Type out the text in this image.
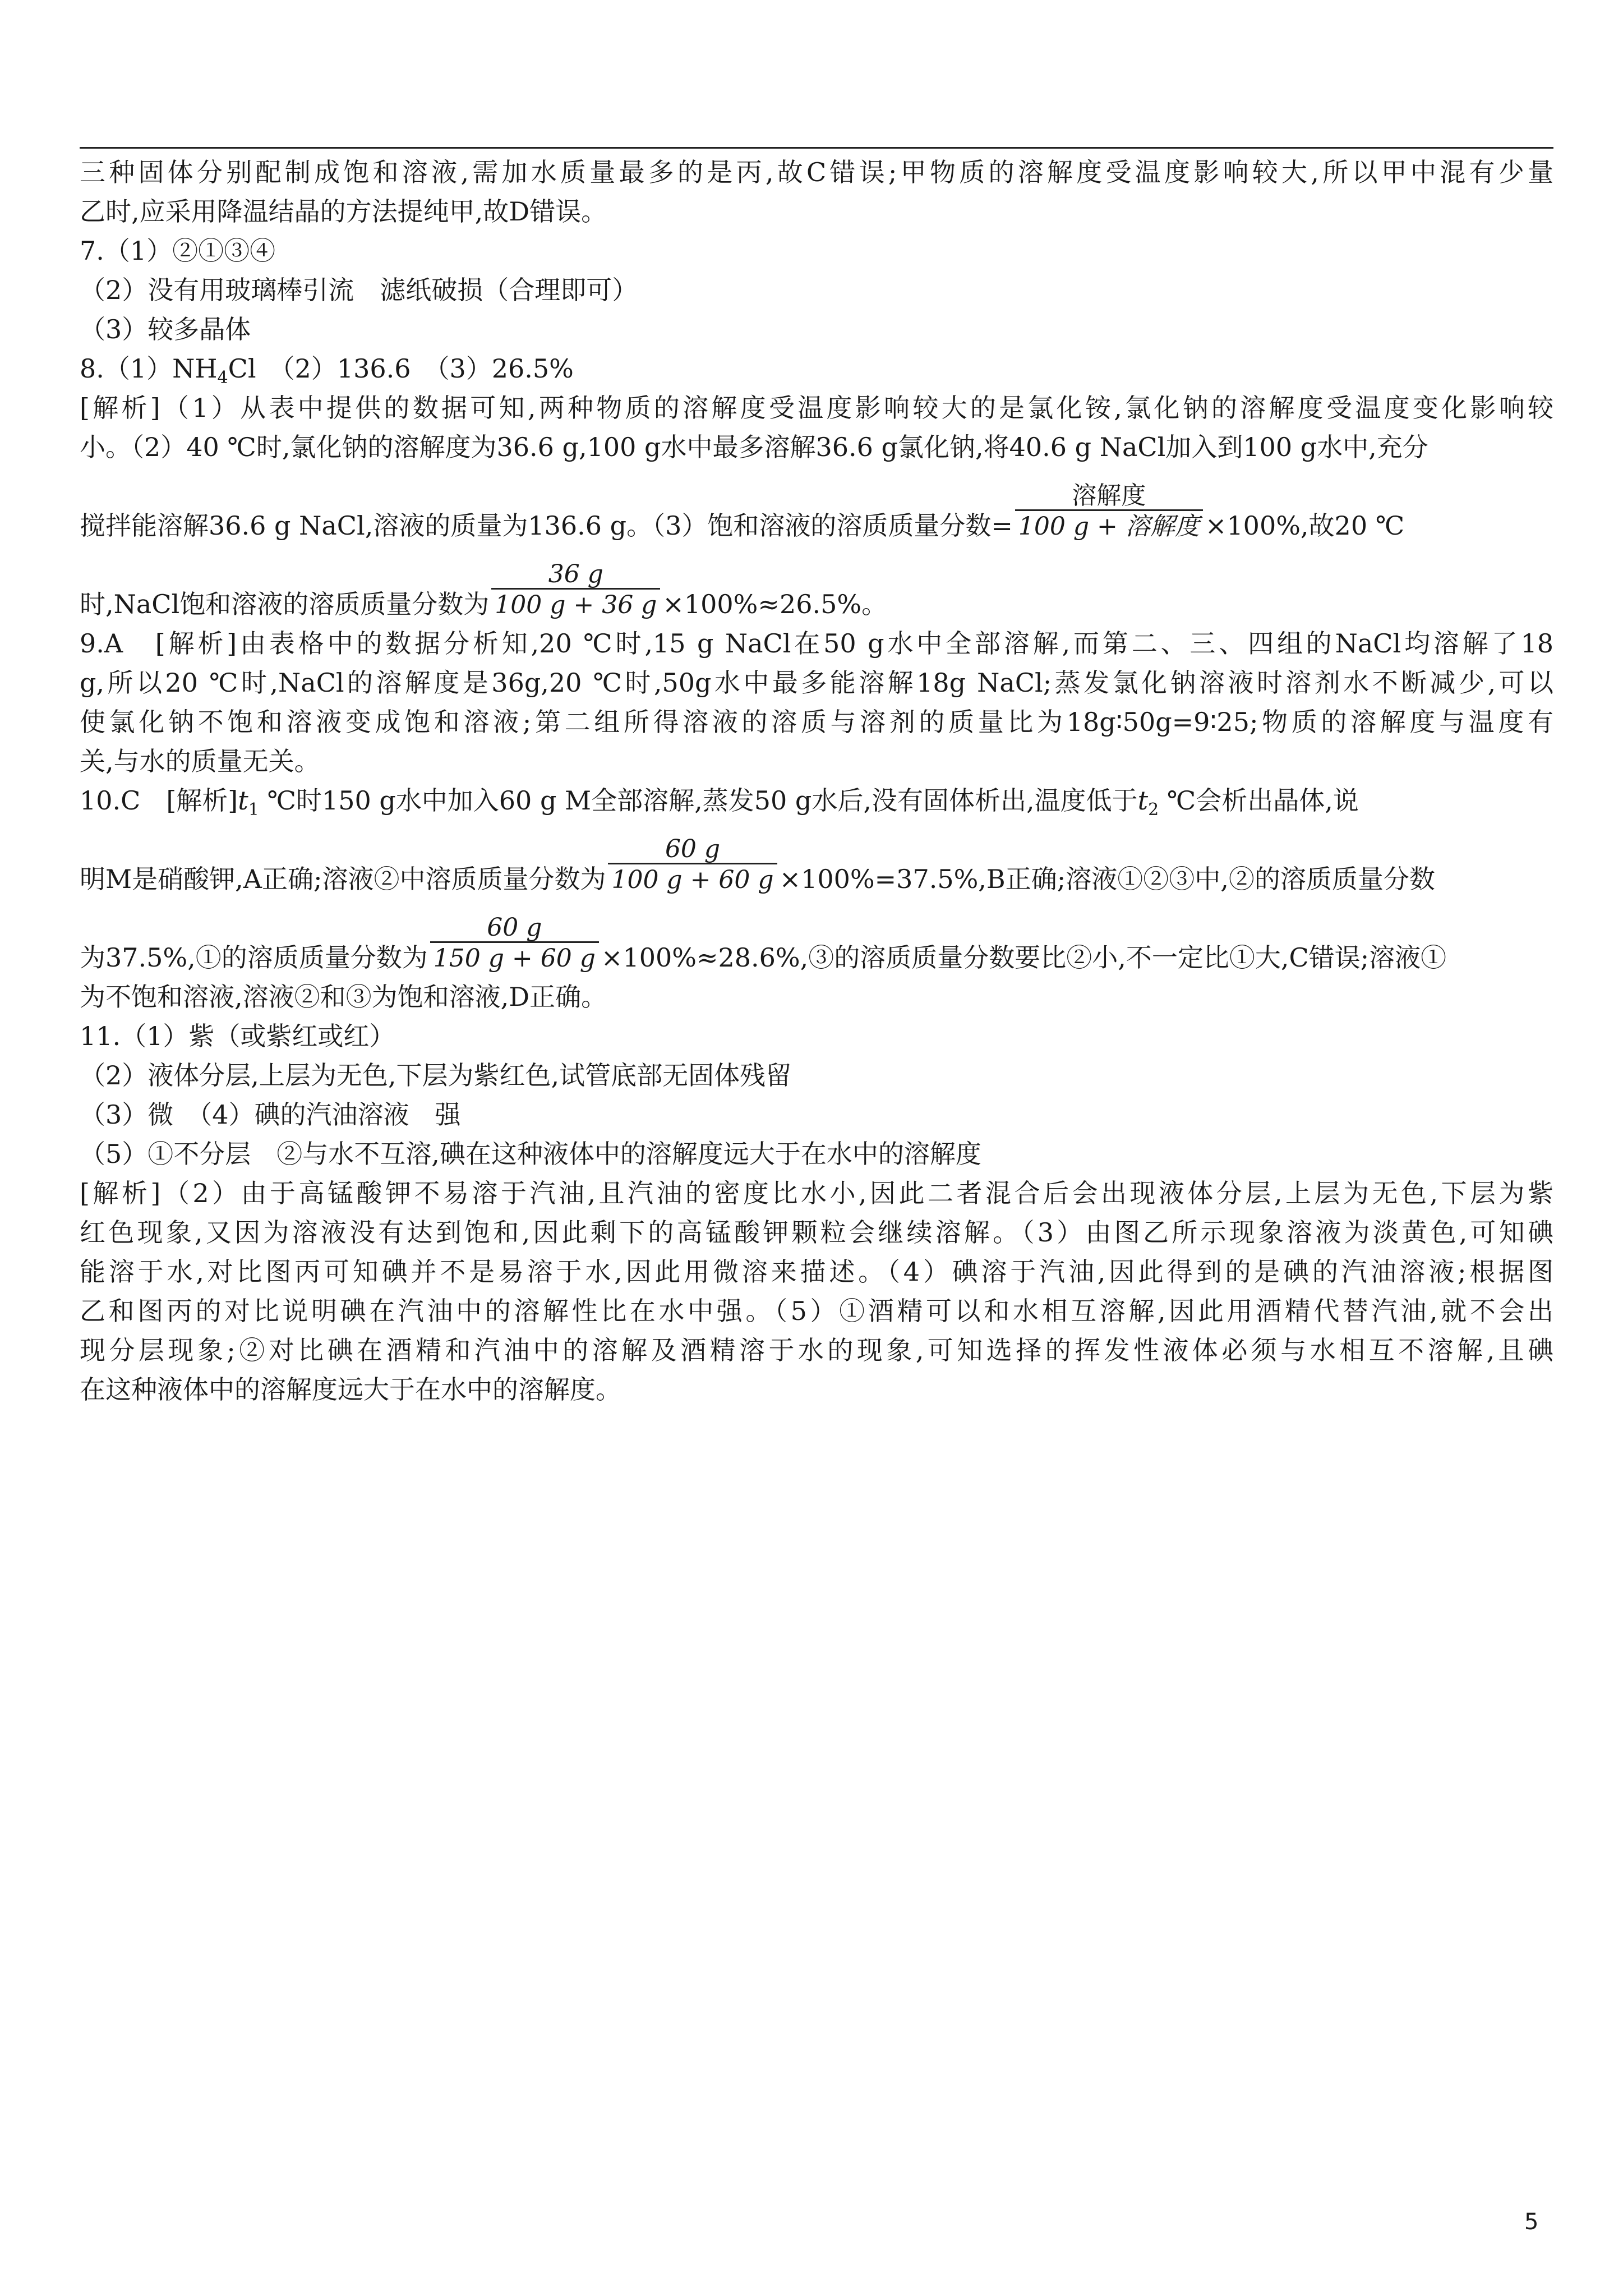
三种固体分别配制成饱和溶液,需加水质量最多的是丙,故C错误;甲物质的溶解度受温度影响较大,所以甲中混有少量
乙时,应采用降温结晶的方法提纯甲,故D错误。
7.（1）②①③④
（2）没有用玻璃棒引流　滤纸破损（合理即可）
（3）较多晶体
$8.(1)NH_4Cl$　（2）136.6　（3）26.5%
[解析]（1）从表中提供的数据可知,两种物质的溶解度受温度影响较大的是氯化铵,氯化钠的溶解度受温度变化影响较
小。（2）40 ℃时,氯化钠的溶解度为36.6 g,100 g水中最多溶解36.6 g氯化钠,将40.6 g NaCl加入到100 g水中,充分
搅拌能溶解36.6 g NaCl,溶液的质量为136.6 g。（3）饱和溶液的溶质质量分数= $\frac{\text{溶解度}}{\text{100 g + 溶解度}}\times 100\%$,故20 ℃
时,NaCl饱和溶液的溶质质量分数为 $\frac{36 g}{100 g + 36 g}\times 100\%\approx 26.5\%$。
9.A　[解析]由表格中的数据分析知,20 ℃时,15 g NaCl在50 g水中全部溶解,而第二、三、四组的NaCl均溶解了18
g,所以20 ℃时,NaCl的溶解度是36g,20 ℃时,50g水中最多能溶解18g NaCl;蒸发氯化钠溶液时溶剂水不断减少,可以
使氯化钠不饱和溶液变成饱和溶液;第二组所得溶液的溶质与溶剂的质量比为18g∶50g=9∶25;物质的溶解度与温度有
关,与水的质量无关。
10.C　[解析]$t_1$ ℃时150 g水中加入60 g M全部溶解,蒸发50 g水后,没有固体析出,温度低于$t_2$ ℃会析出晶体,说
明M是硝酸钾,A正确;溶液②中溶质质量分数为 $\frac{60 g}{100 g + 60 g}\times 100\%=37.5\%,B$正确;溶液①②③中,②的溶质质量分数
为37.5%,①的溶质质量分数为 $\frac{60 g}{150 g + 60 g}\times 100\%\approx 28.6\%,③$的溶质质量分数要比②小,不一定比①大,C错误;溶液①
为不饱和溶液,溶液②和③为饱和溶液,D正确。
11.（1）紫（或紫红或红）
（2）液体分层,上层为无色,下层为紫红色,试管底部无固体残留
（3）微　（4）碘的汽油溶液　强
（5）①不分层　②与水不互溶,碘在这种液体中的溶解度远大于在水中的溶解度
[解析]（2）由于高锰酸钾不易溶于汽油,且汽油的密度比水小,因此二者混合后会出现液体分层,上层为无色,下层为紫
红色现象,又因为溶液没有达到饱和,因此剩下的高锰酸钾颗粒会继续溶解。（3）由图乙所示现象溶液为淡黄色,可知碘
能溶于水,对比图丙可知碘并不是易溶于水,因此用微溶来描述。（4）碘溶于汽油,因此得到的是碘的汽油溶液;根据图
乙和图丙的对比说明碘在汽油中的溶解性比在水中强。（5）①酒精可以和水相互溶解,因此用酒精代替汽油,就不会出
现分层现象;②对比碘在酒精和汽油中的溶解及酒精溶于水的现象,可知选择的挥发性液体必须与水相互不溶解,且碘
在这种液体中的溶解度远大于在水中的溶解度。
5
